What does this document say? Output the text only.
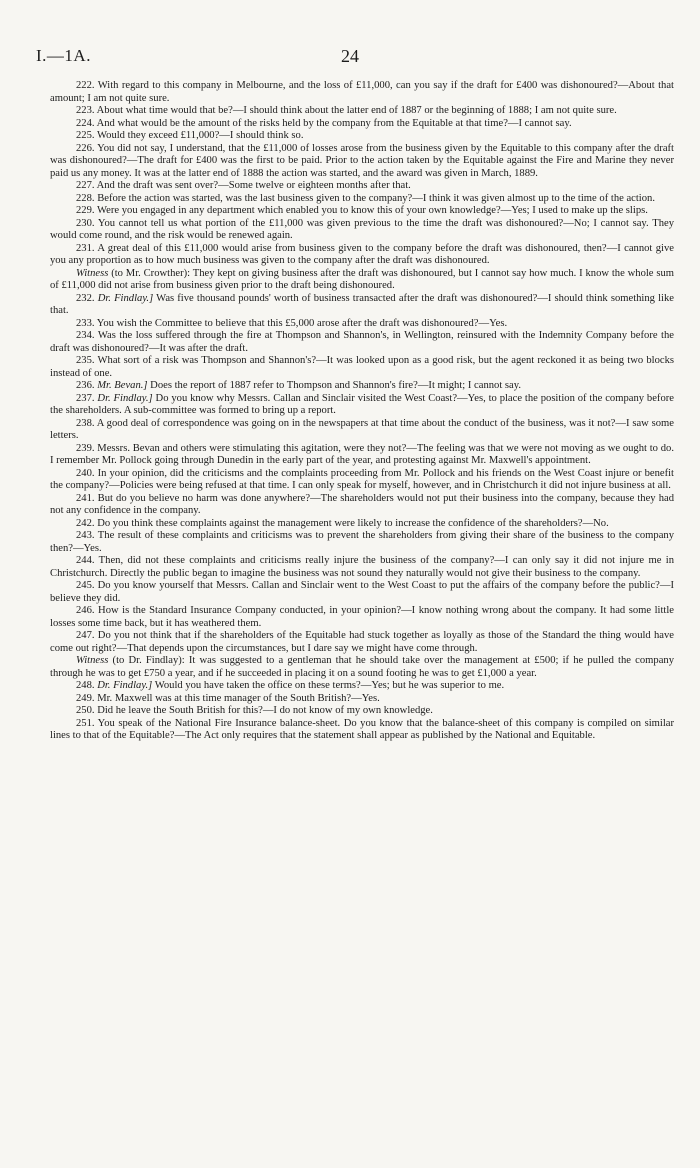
I.—1A.	24

222. With regard to this company in Melbourne, and the loss of £11,000, can you say if the draft for £400 was dishonoured?—About that amount; I am not quite sure.

223. About what time would that be?—I should think about the latter end of 1887 or the beginning of 1888; I am not quite sure.

224. And what would be the amount of the risks held by the company from the Equitable at that time?—I cannot say.

225. Would they exceed £11,000?—I should think so.

226. You did not say, I understand, that the £11,000 of losses arose from the business given by the Equitable to this company after the draft was dishonoured?—The draft for £400 was the first to be paid. Prior to the action taken by the Equitable against the Fire and Marine they never paid us any money. It was at the latter end of 1888 the action was started, and the award was given in March, 1889.

227. And the draft was sent over?—Some twelve or eighteen months after that.

228. Before the action was started, was the last business given to the company?—I think it was given almost up to the time of the action.

229. Were you engaged in any department which enabled you to know this of your own knowledge?—Yes; I used to make up the slips.

230. You cannot tell us what portion of the £11,000 was given previous to the time the draft was dishonoured?—No; I cannot say. They would come round, and the risk would be renewed again.

231. A great deal of this £11,000 would arise from business given to the company before the draft was dishonoured, then?—I cannot give you any proportion as to how much business was given to the company after the draft was dishonoured.

Witness (to Mr. Crowther): They kept on giving business after the draft was dishonoured, but I cannot say how much. I know the whole sum of £11,000 did not arise from business given prior to the draft being dishonoured.

232. Dr. Findlay.] Was five thousand pounds' worth of business transacted after the draft was dishonoured?—I should think something like that.

233. You wish the Committee to believe that this £5,000 arose after the draft was dishonoured?—Yes.

234. Was the loss suffered through the fire at Thompson and Shannon's, in Wellington, reinsured with the Indemnity Company before the draft was dishonoured?—It was after the draft.

235. What sort of a risk was Thompson and Shannon's?—It was looked upon as a good risk, but the agent reckoned it as being two blocks instead of one.

236. Mr. Bevan.] Does the report of 1887 refer to Thompson and Shannon's fire?—It might; I cannot say.

237. Dr. Findlay.] Do you know why Messrs. Callan and Sinclair visited the West Coast?—Yes, to place the position of the company before the shareholders. A sub-committee was formed to bring up a report.

238. A good deal of correspondence was going on in the newspapers at that time about the conduct of the business, was it not?—I saw some letters.

239. Messrs. Bevan and others were stimulating this agitation, were they not?—The feeling was that we were not moving as we ought to do. I remember Mr. Pollock going through Dunedin in the early part of the year, and protesting against Mr. Maxwell's appointment.

240. In your opinion, did the criticisms and the complaints proceeding from Mr. Pollock and his friends on the West Coast injure or benefit the company?—Policies were being refused at that time. I can only speak for myself, however, and in Christchurch it did not injure business at all.

241. But do you believe no harm was done anywhere?—The shareholders would not put their business into the company, because they had not any confidence in the company.

242. Do you think these complaints against the management were likely to increase the confidence of the shareholders?—No.

243. The result of these complaints and criticisms was to prevent the shareholders from giving their share of the business to the company then?—Yes.

244. Then, did not these complaints and criticisms really injure the business of the company?—I can only say it did not injure me in Christchurch. Directly the public began to imagine the business was not sound they naturally would not give their business to the company.

245. Do you know yourself that Messrs. Callan and Sinclair went to the West Coast to put the affairs of the company before the public?—I believe they did.

246. How is the Standard Insurance Company conducted, in your opinion?—I know nothing wrong about the company. It had some little losses some time back, but it has weathered them.

247. Do you not think that if the shareholders of the Equitable had stuck together as loyally as those of the Standard the thing would have come out right?—That depends upon the circumstances, but I dare say we might have come through.

Witness (to Dr. Findlay): It was suggested to a gentleman that he should take over the management at £500; if he pulled the company through he was to get £750 a year, and if he succeeded in placing it on a sound footing he was to get £1,000 a year.

248. Dr. Findlay.] Would you have taken the office on these terms?—Yes; but he was superior to me.

249. Mr. Maxwell was at this time manager of the South British?—Yes.

250. Did he leave the South British for this?—I do not know of my own knowledge.

251. You speak of the National Fire Insurance balance-sheet. Do you know that the balance-sheet of this company is compiled on similar lines to that of the Equitable?—The Act only requires that the statement shall appear as published by the National and Equitable.
